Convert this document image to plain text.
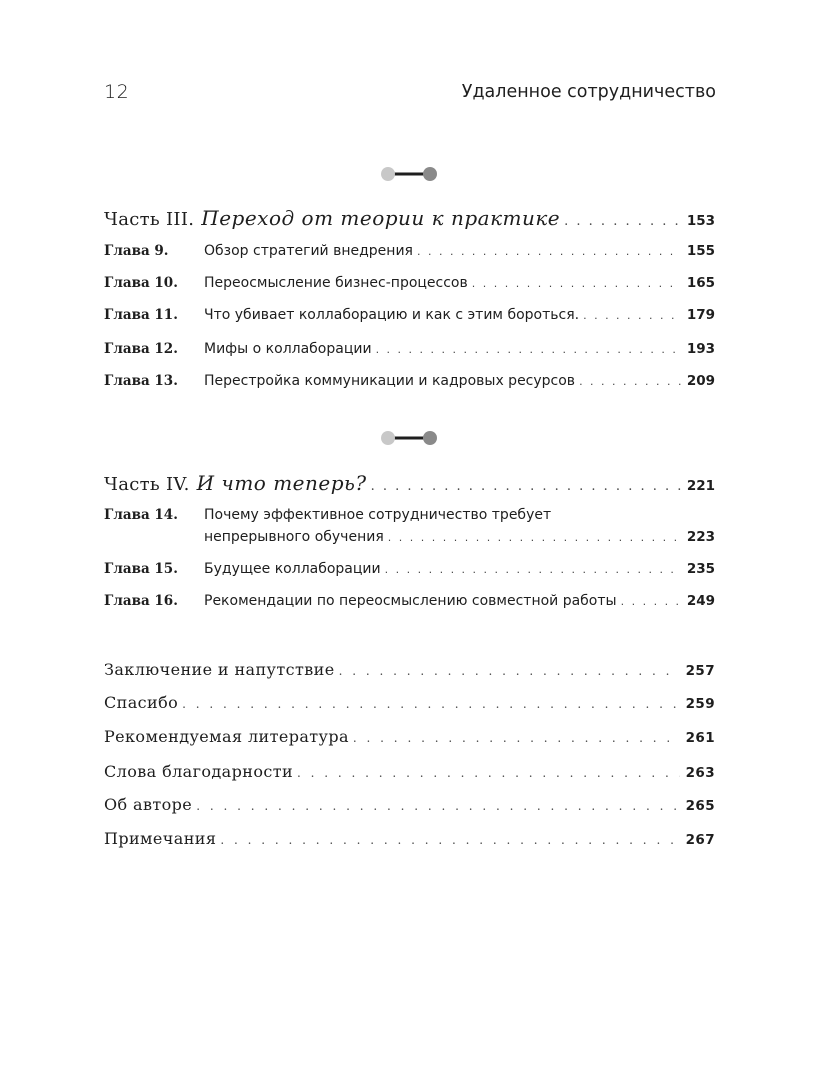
12	Удаленное сотрудничество
Часть III. Переход от теории к практике . . .	153
Глава 9.	Обзор стратегий внедрения . . .	155
Глава 10.	Переосмысление бизнес-процессов . . .	165
Глава 11.	Что убивает коллаборацию и как с этим бороться. . . .	179
Глава 12.	Мифы о коллаборации . . .	193
Глава 13.	Перестройка коммуникации и кадровых ресурсов . . .	209
Часть IV. И что теперь? . . .	221
Глава 14. Почему эффективное сотрудничество требует
непрерывного обучения . . .	223
Глава 15.	Будущее коллаборации . . .	235
Глава 16.	Рекомендации по переосмыслению совместной работы . . .	249
Заключение и напутствие . . .	257
Спасибо . . .	259
Рекомендуемая литература . . .	261
Слова благодарности . . .	263
Об авторе . . .	265
Примечания . . .	267
